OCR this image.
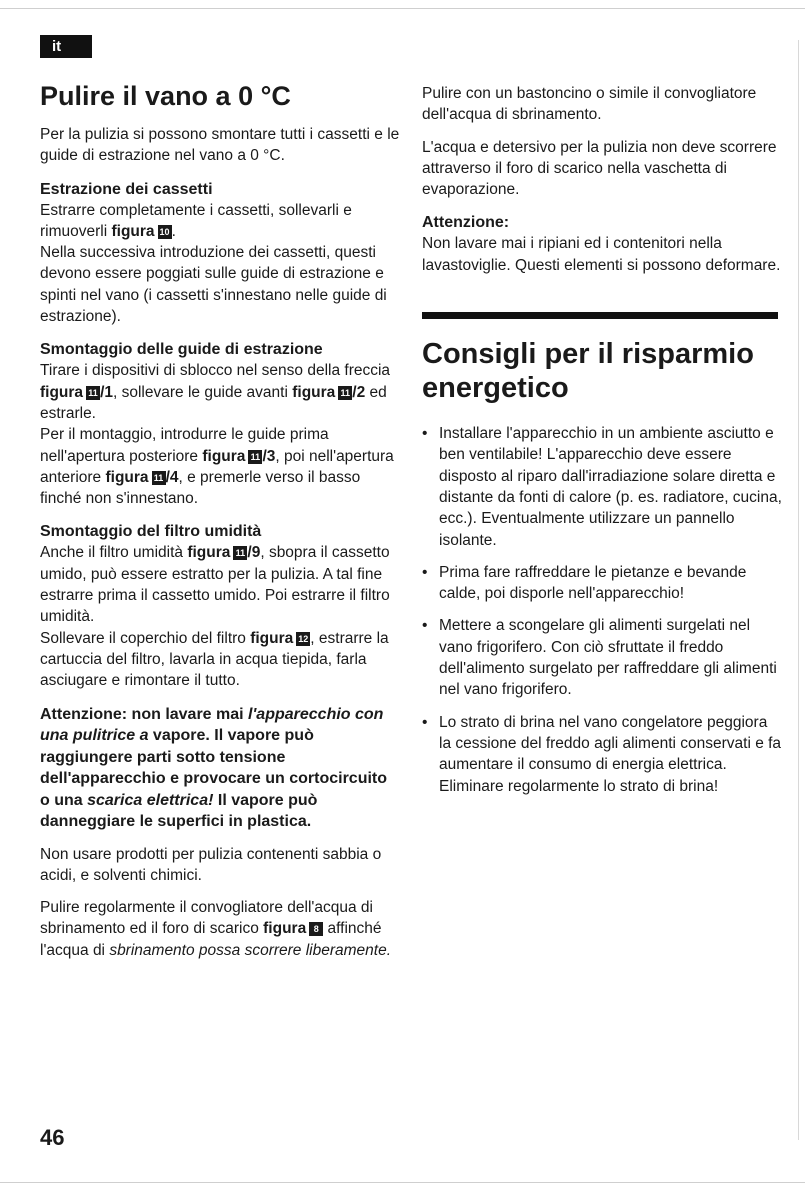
it
Pulire il vano a 0 °C

Per la pulizia si possono smontare tutti i cassetti e le guide di estrazione nel vano a 0 °C.

Estrazione dei cassetti

Estrarre completamente i cassetti, sollevarli e rimuoverli figura 10 .
Nella successiva introduzione dei cassetti, questi devono essere poggiati sulle guide di estrazione e spinti nel vano (i cassetti s'innestano nelle guide di estrazione).

Smontaggio delle guide di estrazione

Tirare i dispositivi di sblocco nel senso della freccia figura 11 /1, sollevare le guide avanti figura 11 /2 ed estrarle.
Per il montaggio, introdurre le guide prima nell'apertura posteriore figura 11 /3, poi nell'apertura anteriore figura 11 /4, e premerle verso il basso finché non s'innestano.

Smontaggio del filtro umidità

Anche il filtro umidità figura 11 /9, sbopra il cassetto umido, può essere estratto per la pulizia. A tal fine estrarre prima il cassetto umido. Poi estrarre il filtro umidità.
Sollevare il coperchio del filtro figura 12 , estrarre la cartuccia del filtro, lavarla in acqua tiepida, farla asciugare e rimontare il tutto.

Attenzione: non lavare mai l'apparecchio con una pulitrice a vapore. Il vapore può raggiungere parti sotto tensione dell'apparecchio e provocare un cortocircuito o una scarica elettrica! Il vapore può danneggiare le superfici in plastica.

Non usare prodotti per pulizia contenenti sabbia o acidi, e solventi chimici.

Pulire regolarmente il convogliatore dell'acqua di sbrinamento ed il foro di scarico figura 8 affinché l'acqua di sbrinamento possa scorrere liberamente.

Pulire con un bastoncino o simile il convogliatore dell'acqua di sbrinamento.

L'acqua e detersivo per la pulizia non deve scorrere attraverso il foro di scarico nella vaschetta di evaporazione.

Attenzione:

Non lavare mai i ripiani ed i contenitori nella lavastoviglie. Questi elementi si possono deformare.

Consigli per il risparmio energetico
• Installare l'apparecchio in un ambiente asciutto e ben ventilabile! L'apparecchio deve essere disposto al riparo dall'irradiazione solare diretta e distante da fonti di calore (p. es. radiatore, cucina, ecc.). Eventualmente utilizzare un pannello isolante.
• Prima fare raffreddare le pietanze e bevande calde, poi disporle nell'apparecchio!
• Mettere a scongelare gli alimenti surgelati nel vano frigorifero. Con ciò sfruttate il freddo dell'alimento surgelato per raffreddare gli alimenti nel vano frigorifero.
• Lo strato di brina nel vano congelatore peggiora la cessione del freddo agli alimenti conservati e fa aumentare il consumo di energia elettrica. Eliminare regolarmente lo strato di brina!
46
